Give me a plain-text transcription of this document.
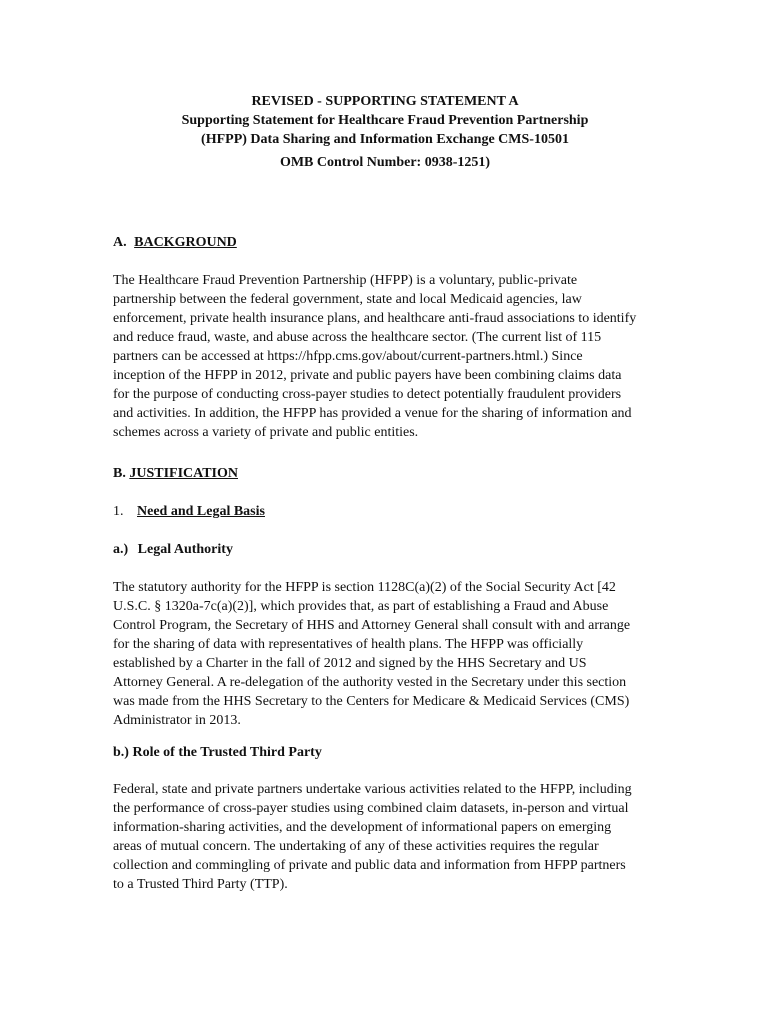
REVISED - SUPPORTING STATEMENT A
Supporting Statement for Healthcare Fraud Prevention Partnership
(HFPP) Data Sharing and Information Exchange CMS-10501
OMB Control Number: 0938-1251)
A. BACKGROUND
The Healthcare Fraud Prevention Partnership (HFPP) is a voluntary, public-private
partnership between the federal government, state and local Medicaid agencies, law
enforcement, private health insurance plans, and healthcare anti-fraud associations to identify
and reduce fraud, waste, and abuse across the healthcare sector. (The current list of 115
partners can be accessed at https://hfpp.cms.gov/about/current-partners.html.) Since
inception of the HFPP in 2012, private and public payers have been combining claims data
for the purpose of conducting cross-payer studies to detect potentially fraudulent providers
and activities. In addition, the HFPP has provided a venue for the sharing of information and
schemes across a variety of private and public entities.
B. JUSTIFICATION
1. Need and Legal Basis
a.) Legal Authority
The statutory authority for the HFPP is section 1128C(a)(2) of the Social Security Act [42
U.S.C. § 1320a-7c(a)(2)], which provides that, as part of establishing a Fraud and Abuse
Control Program, the Secretary of HHS and Attorney General shall consult with and arrange
for the sharing of data with representatives of health plans. The HFPP was officially
established by a Charter in the fall of 2012 and signed by the HHS Secretary and US
Attorney General. A re-delegation of the authority vested in the Secretary under this section
was made from the HHS Secretary to the Centers for Medicare & Medicaid Services (CMS)
Administrator in 2013.
b.) Role of the Trusted Third Party
Federal, state and private partners undertake various activities related to the HFPP, including
the performance of cross-payer studies using combined claim datasets, in-person and virtual
information-sharing activities, and the development of informational papers on emerging
areas of mutual concern. The undertaking of any of these activities requires the regular
collection and commingling of private and public data and information from HFPP partners
to a Trusted Third Party (TTP).
